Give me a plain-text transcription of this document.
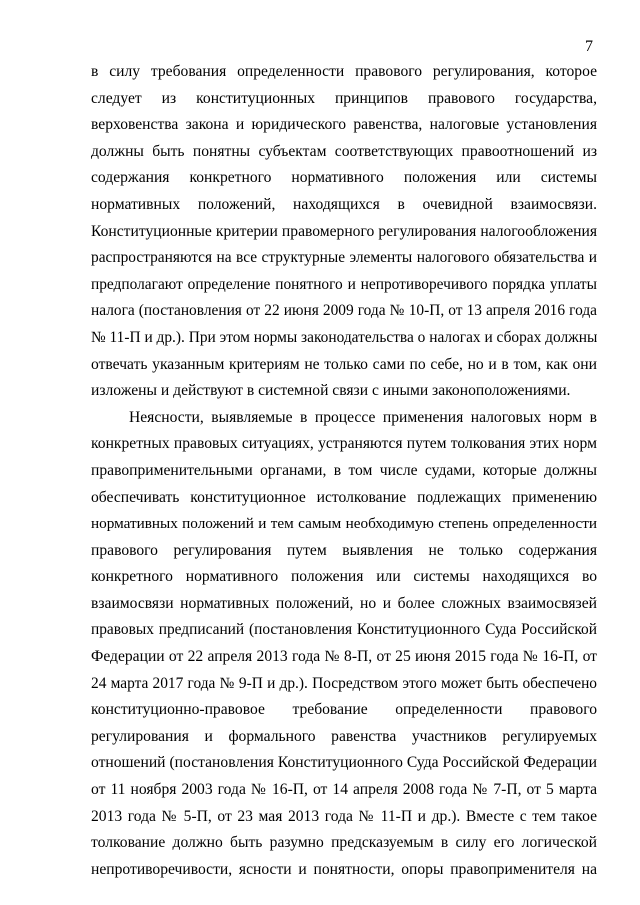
7
в силу требования определенности правового регулирования, которое
следует из конституционных принципов правового государства,
верховенства закона и юридического равенства, налоговые установления
должны быть понятны субъектам соответствующих правоотношений из
содержания конкретного нормативного положения или системы
нормативных положений, находящихся в очевидной взаимосвязи.
Конституционные критерии правомерного регулирования налогообложения
распространяются на все структурные элементы налогового обязательства и
предполагают определение понятного и непротиворечивого порядка уплаты
налога (постановления от 22 июня 2009 года № 10-П, от 13 апреля 2016 года
№ 11-П и др.). При этом нормы законодательства о налогах и сборах должны
отвечать указанным критериям не только сами по себе, но и в том, как они
изложены и действуют в системной связи с иными законоположениями.
Неясности, выявляемые в процессе применения налоговых норм в
конкретных правовых ситуациях, устраняются путем толкования этих норм
правоприменительными органами, в том числе судами, которые должны
обеспечивать конституционное истолкование подлежащих применению
нормативных положений и тем самым необходимую степень определенности
правового регулирования путем выявления не только содержания
конкретного нормативного положения или системы находящихся во
взаимосвязи нормативных положений, но и более сложных взаимосвязей
правовых предписаний (постановления Конституционного Суда Российской
Федерации от 22 апреля 2013 года № 8-П, от 25 июня 2015 года № 16-П, от
24 марта 2017 года № 9-П и др.). Посредством этого может быть обеспечено
конституционно-правовое требование определенности правового
регулирования и формального равенства участников регулируемых
отношений (постановления Конституционного Суда Российской Федерации
от 11 ноября 2003 года № 16-П, от 14 апреля 2008 года № 7-П, от 5 марта
2013 года № 5-П, от 23 мая 2013 года № 11-П и др.). Вместе с тем такое
толкование должно быть разумно предсказуемым в силу его логической
непротиворечивости, ясности и понятности, опоры правоприменителя на
